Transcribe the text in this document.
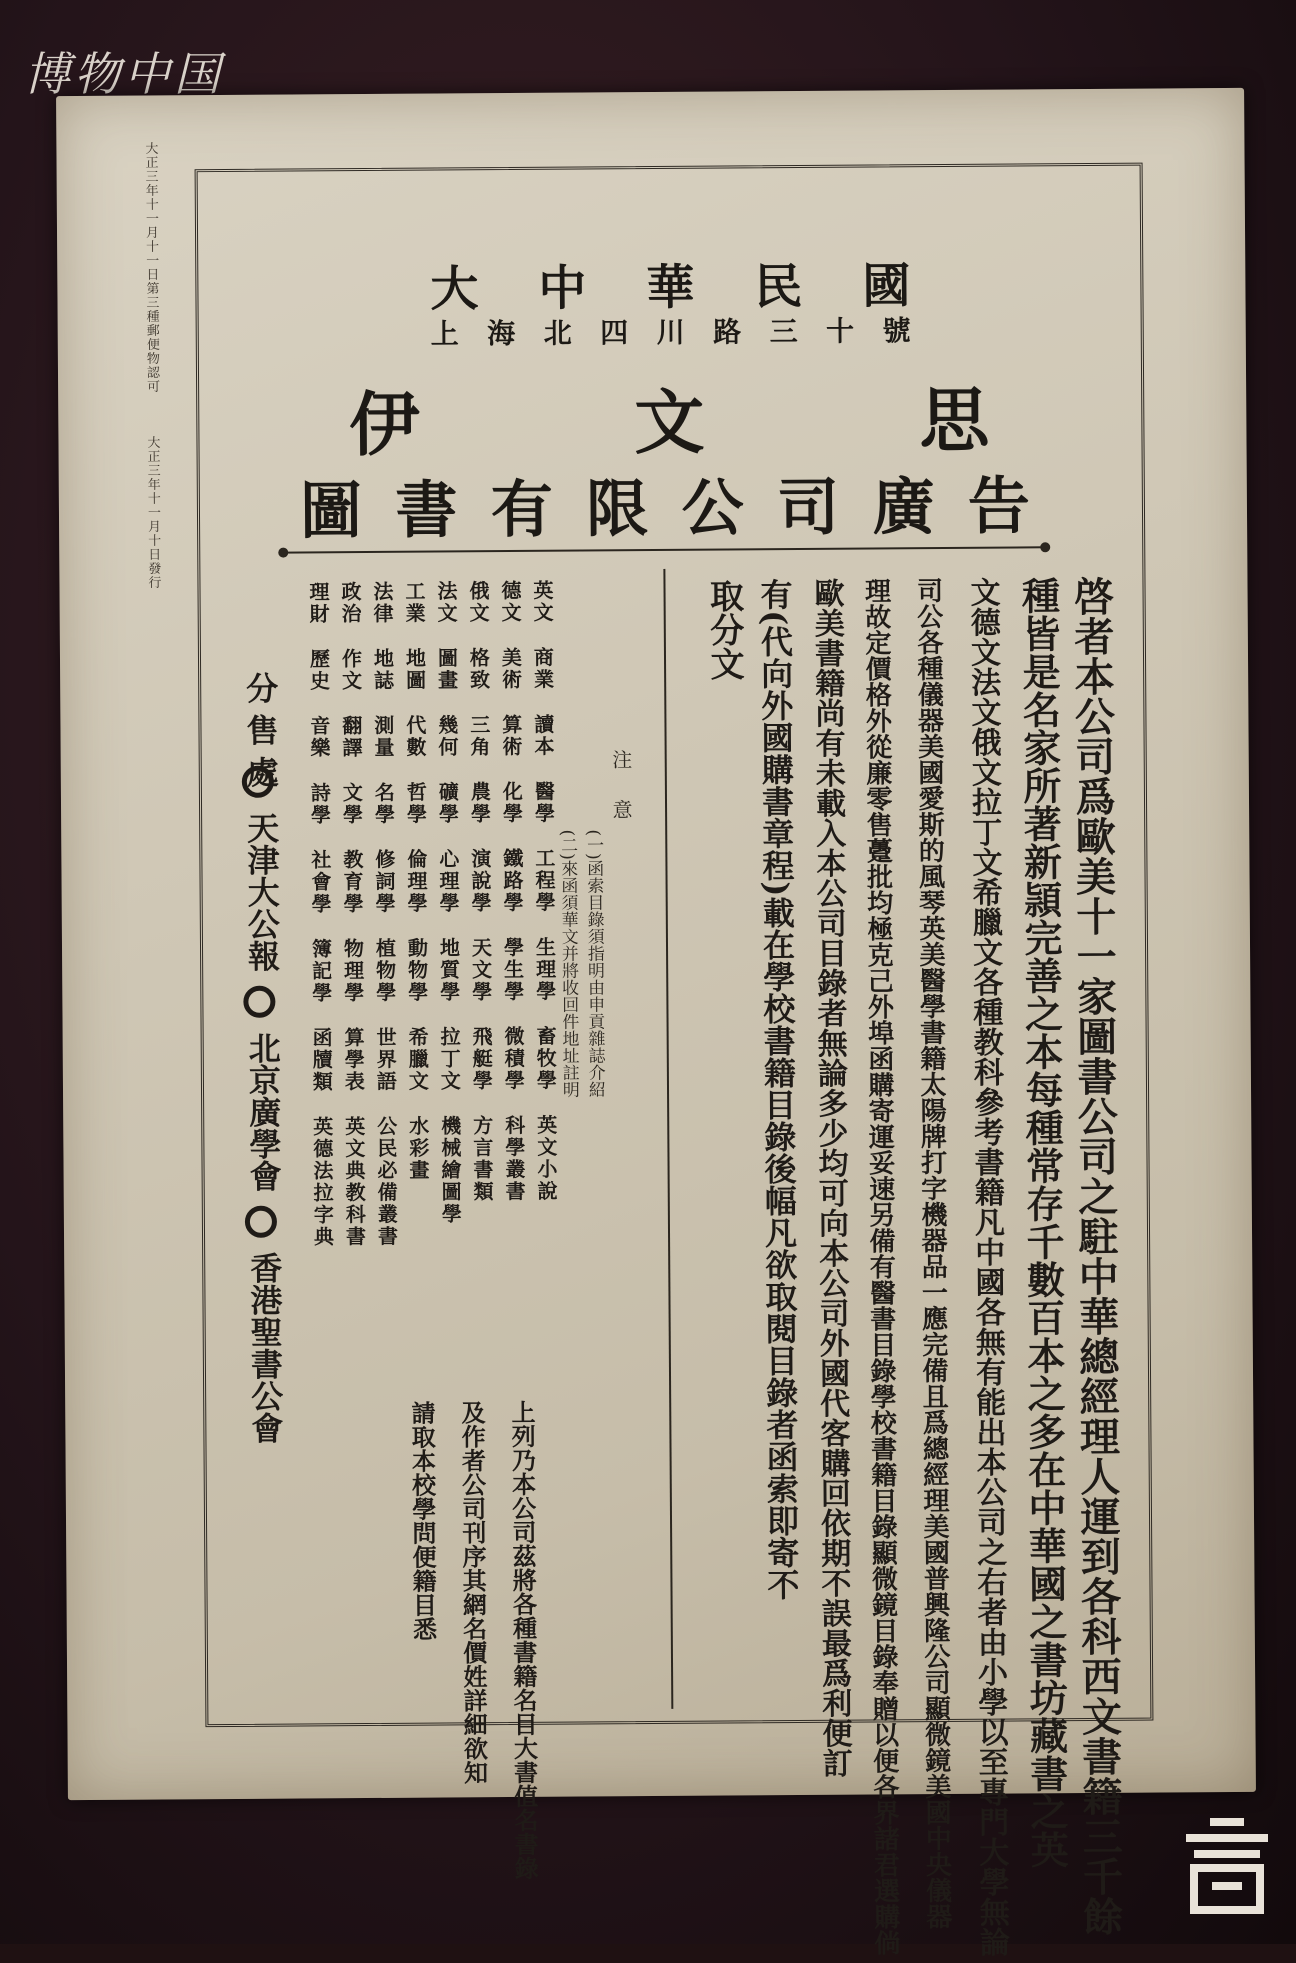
博物中国
大正三年十一月十一日第三種郵便物認可
大正三年十一月十日發行
大 中 華 民 國
上 海 北 四 川 路 三 十 號
伊	文	思
圖 書 有 限 公 司 廣 告
啓者本公司爲歐美十一家圖書公司之駐中華總經理人運到各科西文書籍三千餘
種皆是名家所著新頴完善之本每種常存千數百本之多在中華國之書坊藏書之英
文德文法文俄文拉丁文希臘文各種教科參考書籍凡中國各無有能出本公司之右者由小學以至專門大學無論
司公各種儀器美國愛斯的風琴英美醫學書籍太陽牌打字機器品一應完備且爲總經理美國普興隆公司顯微鏡美國中央儀器
理故定價格外從廉零售躉批均極克己外埠函購寄運妥速另備有醫書目錄學校書籍目錄顯微鏡目錄奉贈以便各界諸君選購倘
歐美書籍尚有未載入本公司目錄者無論多少均可向本公司外國代客購回依期不誤最爲利便訂
有(代向外國購書章程)載在學校書籍目錄後幅凡欲取閱目錄者函索即寄不
取分文
注意
(一)函索目錄須指明由申貢雜誌介紹
(二)來函須華文并將收回件地址註明
英文 商業 讀本 醫學 工程學 生理學 畜牧學 英文小說
德文 美術 算術 化學 鐵路學 學生學 微積學 科學叢書
俄文 格致 三角 農學 演說學 天文學 飛艇學 方言書類
法文 圖畫 幾何 礦學 心理學 地質學 拉丁文 機械繪圖學
工業 地圖 代數 哲學 倫理學 動物學 希臘文 水彩畫
法律 地誌 測量 名學 修詞學 植物學 世界語 公民必備叢書
政治 作文 翻譯 文學 教育學 物理學 算學表 英文典教科書
理財 歷史 音樂 詩學 社會學 簿記學 函牘類 英德法拉字典
上列乃本公司茲將各種書籍名目大書值名書錄
及作者公司刊序其網名價姓詳細欲知
請取本校學問便籍目悉
分售處
天津大公報
北京廣學會
香港聖書公會
